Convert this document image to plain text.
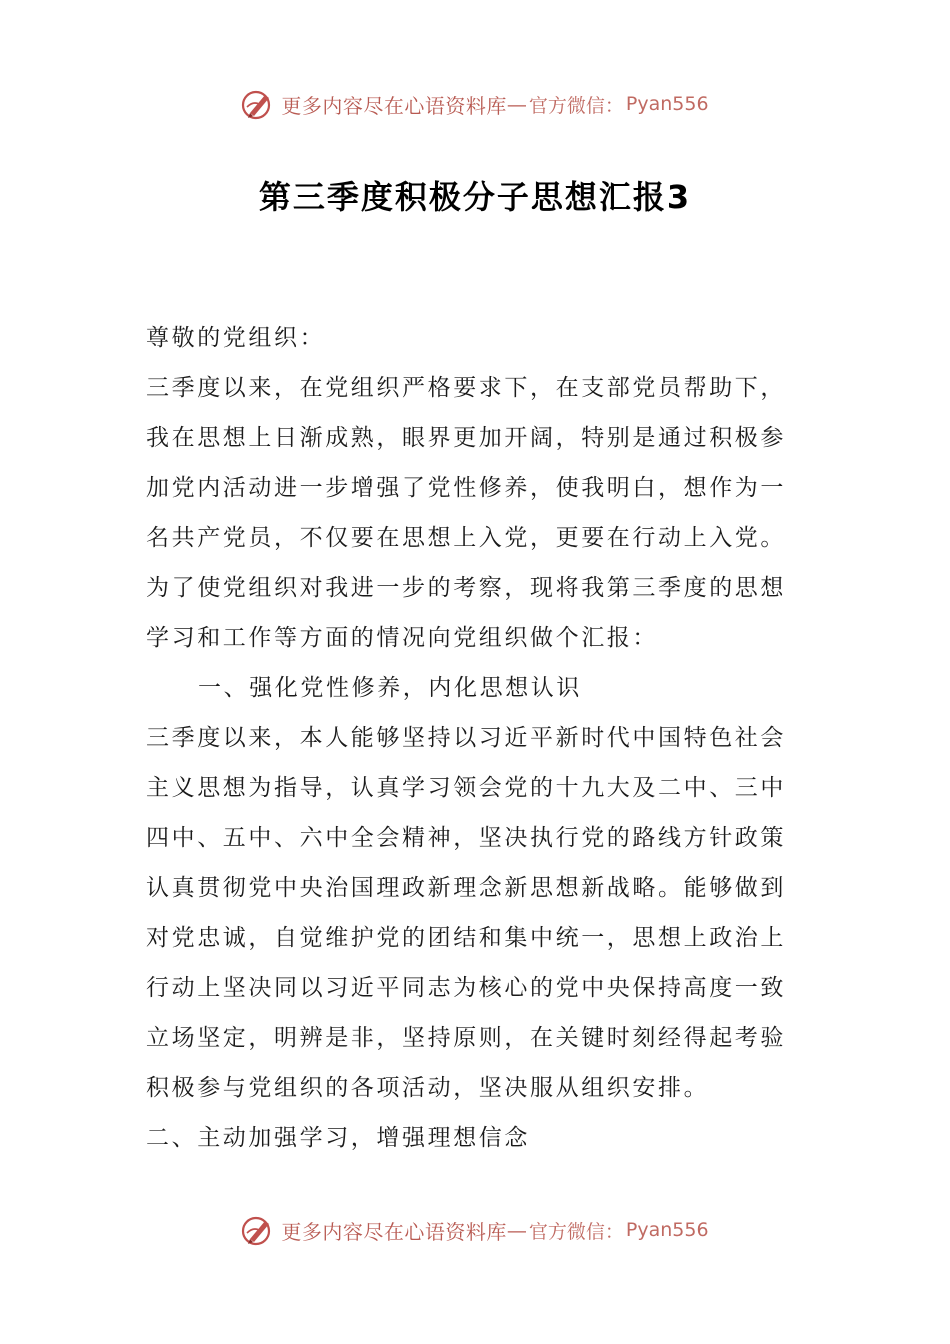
更多内容尽在心语资料库 — 官方微信： Pyan556
第三季度积极分子思想汇报3
尊敬的党组织：
三季度以来，在党组织严格要求下，在支部党员帮助下，
我在思想上日渐成熟，眼界更加开阔，特别是通过积极参
加党内活动进一步增强了党性修养，使我明白，想作为一
名共产党员，不仅要在思想上入党，更要在行动上入党。
为了使党组织对我进一步的考察，现将我第三季度的思想
学习和工作等方面的情况向党组织做个汇报：
一、强化党性修养，内化思想认识
三季度以来，本人能够坚持以习近平新时代中国特色社会
主义思想为指导，认真学习领会党的十九大及二中、三中
四中、五中、六中全会精神，坚决执行党的路线方针政策
认真贯彻党中央治国理政新理念新思想新战略。能够做到
对党忠诚，自觉维护党的团结和集中统一，思想上政治上
行动上坚决同以习近平同志为核心的党中央保持高度一致
立场坚定，明辨是非，坚持原则，在关键时刻经得起考验
积极参与党组织的各项活动，坚决服从组织安排。
二、主动加强学习，增强理想信念
更多内容尽在心语资料库 — 官方微信： Pyan556
